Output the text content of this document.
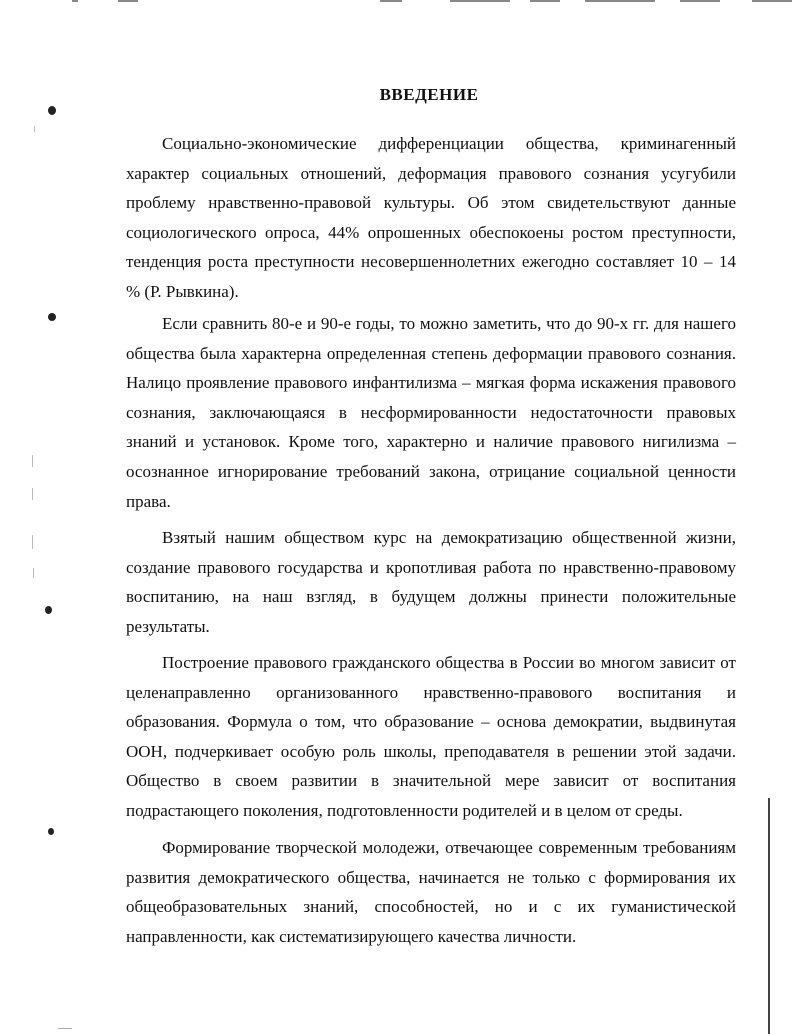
ВВЕДЕНИЕ

Социально-экономические дифференциации общества, криминагенный характер социальных отношений, деформация правового сознания усугубили проблему нравственно-правовой культуры. Об этом свидетельствуют данные социологического опроса, 44% опрошенных обеспокоены ростом преступности, тенденция роста преступности несовершеннолетних ежегодно составляет 10 – 14 % (Р. Рывкина).

Если сравнить 80-е и 90-е годы, то можно заметить, что до 90-х гг. для нашего общества была характерна определенная степень деформации правового сознания. Налицо проявление правового инфантилизма – мягкая форма искажения правового сознания, заключающаяся в несформированности недостаточности правовых знаний и установок. Кроме того, характерно и наличие правового нигилизма – осознанное игнорирование требований закона, отрицание социальной ценности права.

Взятый нашим обществом курс на демократизацию общественной жизни, создание правового государства и кропотливая работа по нравственно-правовому воспитанию, на наш взгляд, в будущем должны принести положительные результаты.

Построение правового гражданского общества в России во многом зависит от целенаправленно организованного нравственно-правового воспитания и образования. Формула о том, что образование – основа демократии, выдвинутая ООН, подчеркивает особую роль школы, преподавателя в решении этой задачи. Общество в своем развитии в значительной мере зависит от воспитания подрастающего поколения, подготовленности родителей и в целом от среды.

Формирование творческой молодежи, отвечающее современным требованиям развития демократического общества, начинается не только с формирования их общеобразовательных знаний, способностей, но и с их гуманистической направленности, как систематизирующего качества личности.
